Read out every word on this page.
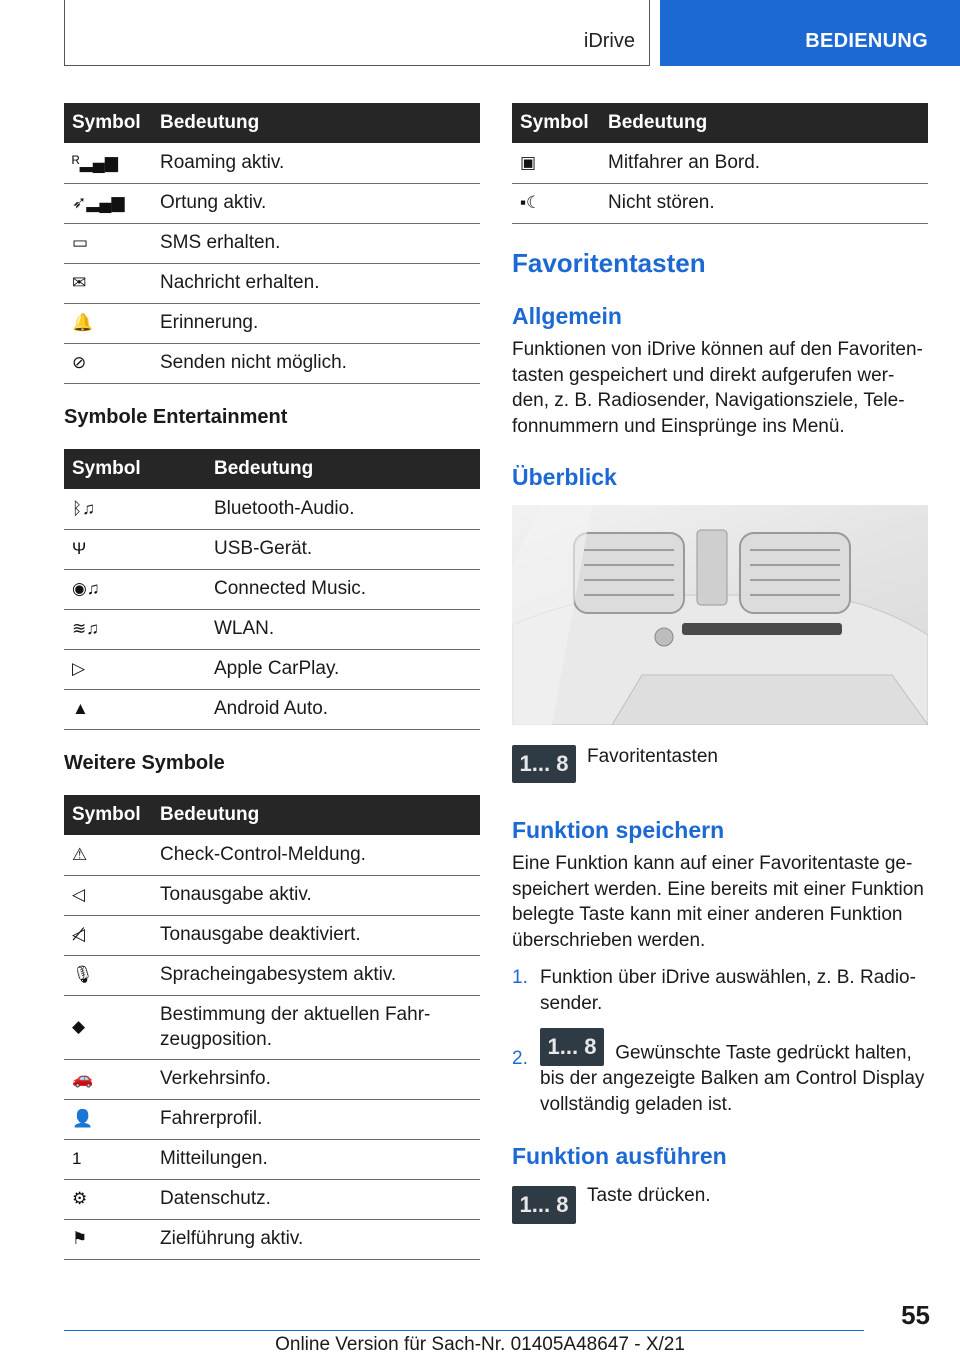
iDrive	BEDIENUNG
Symbol	Bedeutung
ᴿ▂▄▆	Roaming aktiv.
➶▂▄▆	Ortung aktiv.
▭	SMS erhalten.
✉	Nachricht erhalten.
🔔	Erinnerung.
⊘	Senden nicht möglich.
Symbole Entertainment
Symbol	Bedeutung
ᛒ♫	Bluetooth-Audio.
Ψ	USB-Gerät.
◉♫	Connected Music.
≋♫	WLAN.
▷	Apple CarPlay.
▲	Android Auto.
Weitere Symbole
Symbol	Bedeutung
⚠	Check-Control-Meldung.
◁	Tonausgabe aktiv.
◁̸	Tonausgabe deaktiviert.
🎙	Spracheingabesystem aktiv.
◆	Bestimmung der aktuellen Fahr-zeugposition.
🚗	Verkehrsinfo.
👤	Fahrerprofil.
1	Mitteilungen.
⚙	Datenschutz.
⚑	Zielführung aktiv.
Symbol	Bedeutung
▣	Mitfahrer an Bord.
▪☾	Nicht stören.
Favoritentasten
Allgemein
Funktionen von iDrive können auf den Favoriten-tasten gespeichert und direkt aufgerufen wer-den, z. B. Radiosender, Navigationsziele, Tele-fonnummern und Einsprünge ins Menü.
Überblick
1... 8 Favoritentasten
Funktion speichern
Eine Funktion kann auf einer Favoritentaste ge-speichert werden. Eine bereits mit einer Funktion belegte Taste kann mit einer anderen Funktion überschrieben werden.
1. Funktion über iDrive auswählen, z. B. Radio-sender.
2. 1... 8 Gewünschte Taste gedrückt halten, bis der angezeigte Balken am Control Display vollständig geladen ist.
Funktion ausführen
1... 8 Taste drücken.
55
Online Version für Sach-Nr. 01405A48647 - X/21
